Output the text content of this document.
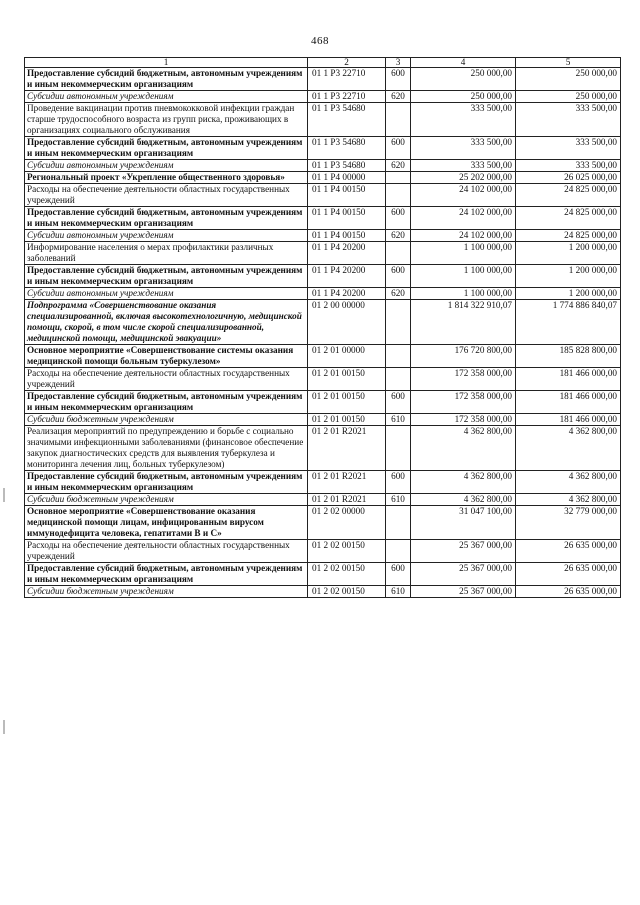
468
1	2	3	4	5
Предоставление субсидий бюджетным, автономным учреждениям и иным некоммерческим организациям	01 1 P3 22710	600	250 000,00	250 000,00
Субсидии автономным учреждениям	01 1 P3 22710	620	250 000,00	250 000,00
Проведение вакцинации против пневмококковой инфекции граждан старше трудоспособного возраста из групп риска, проживающих в организациях социального обслуживания	01 1 P3 54680		333 500,00	333 500,00
Предоставление субсидий бюджетным, автономным учреждениям и иным некоммерческим организациям	01 1 P3 54680	600	333 500,00	333 500,00
Субсидии автономным учреждениям	01 1 P3 54680	620	333 500,00	333 500,00
Региональный проект «Укрепление общественного здоровья»	01 1 P4 00000		25 202 000,00	26 025 000,00
Расходы на обеспечение деятельности областных государственных учреждений	01 1 P4 00150		24 102 000,00	24 825 000,00
Предоставление субсидий бюджетным, автономным учреждениям и иным некоммерческим организациям	01 1 P4 00150	600	24 102 000,00	24 825 000,00
Субсидии автономным учреждениям	01 1 P4 00150	620	24 102 000,00	24 825 000,00
Информирование населения о мерах профилактики различных заболеваний	01 1 P4 20200		1 100 000,00	1 200 000,00
Предоставление субсидий бюджетным, автономным учреждениям и иным некоммерческим организациям	01 1 P4 20200	600	1 100 000,00	1 200 000,00
Субсидии автономным учреждениям	01 1 P4 20200	620	1 100 000,00	1 200 000,00
Подпрограмма «Совершенствование оказания специализированной, включая высокотехнологичную, медицинской помощи, скорой, в том числе скорой специализированной, медицинской помощи, медицинской эвакуации»	01 2 00 00000		1 814 322 910,07	1 774 886 840,07
Основное мероприятие «Совершенствование системы оказания медицинской помощи больным туберкулезом»	01 2 01 00000		176 720 800,00	185 828 800,00
Расходы на обеспечение деятельности областных государственных учреждений	01 2 01 00150		172 358 000,00	181 466 000,00
Предоставление субсидий бюджетным, автономным учреждениям и иным некоммерческим организациям	01 2 01 00150	600	172 358 000,00	181 466 000,00
Субсидии бюджетным учреждениям	01 2 01 00150	610	172 358 000,00	181 466 000,00
Реализация мероприятий по предупреждению и борьбе с социально значимыми инфекционными заболеваниями (финансовое обеспечение закупок диагностических средств для выявления туберкулеза и мониторинга лечения лиц, больных туберкулезом)	01 2 01 R2021		4 362 800,00	4 362 800,00
Предоставление субсидий бюджетным, автономным учреждениям и иным некоммерческим организациям	01 2 01 R2021	600	4 362 800,00	4 362 800,00
Субсидии бюджетным учреждениям	01 2 01 R2021	610	4 362 800,00	4 362 800,00
Основное мероприятие «Совершенствование оказания медицинской помощи лицам, инфицированным вирусом иммунодефицита человека, гепатитами В и С»	01 2 02 00000		31 047 100,00	32 779 000,00
Расходы на обеспечение деятельности областных государственных учреждений	01 2 02 00150		25 367 000,00	26 635 000,00
Предоставление субсидий бюджетным, автономным учреждениям и иным некоммерческим организациям	01 2 02 00150	600	25 367 000,00	26 635 000,00
Субсидии бюджетным учреждениям	01 2 02 00150	610	25 367 000,00	26 635 000,00
